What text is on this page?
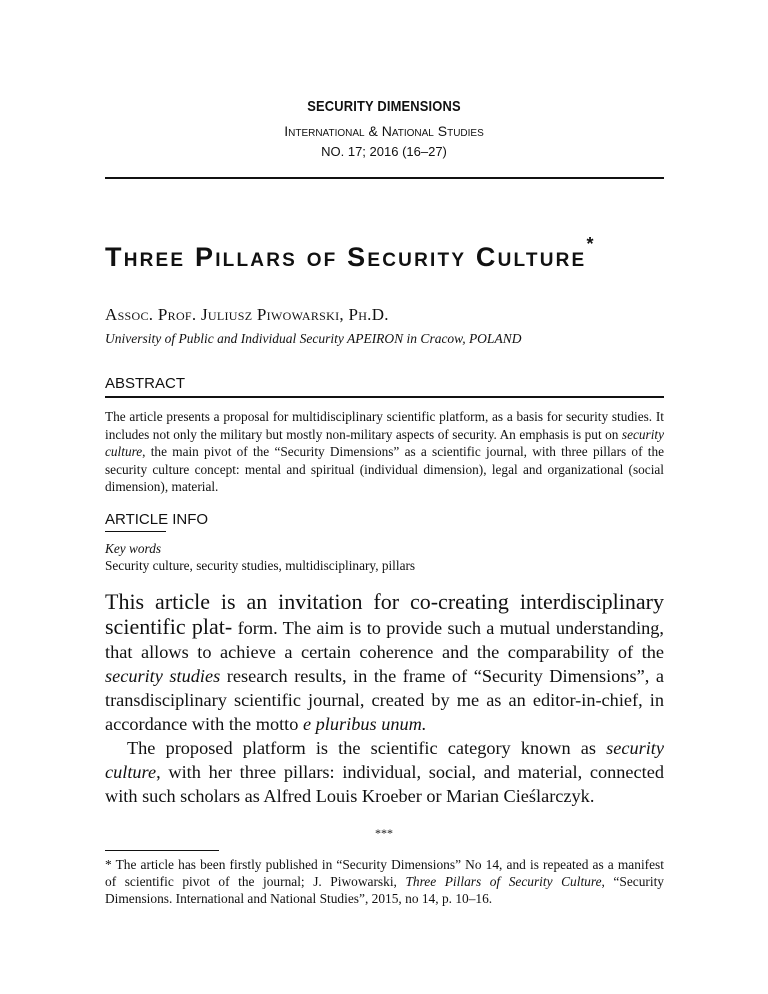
SECURITY DIMENSIONS
International & National Studies
NO. 17; 2016 (16–27)
Three Pillars of Security Culture*
Assoc. Prof. Juliusz Piwowarski, Ph.D.
University of Public and Individual Security APEIRON in Cracow, POLAND
ABSTRACT
The article presents a proposal for multidisciplinary scientific platform, as a basis for security studies. It includes not only the military but mostly non-military aspects of security. An emphasis is put on security culture, the main pivot of the “Security Dimensions” as a scientific journal, with three pillars of the security culture concept: mental and spiritual (individual dimension), legal and organizational (social dimension), material.
ARTICLE INFO
Key words
Security culture, security studies, multidisciplinary, pillars

This article is an invitation for co-creating interdisciplinary scientific plat- form. The aim is to provide such a mutual understanding, that allows to achieve a certain coherence and the comparability of the security studies research results, in the frame of “Security Dimensions”, a transdisciplinary scientific journal, created by me as an editor-in-chief, in accordance with the motto e pluribus unum.

The proposed platform is the scientific category known as security culture, with her three pillars: individual, social, and material, connected with such scholars as Alfred Louis Kroeber or Marian Cieślarczyk.

***
* The article has been firstly published in “Security Dimensions” No 14, and is repeated as a manifest of scientific pivot of the journal; J. Piwowarski, Three Pillars of Security Culture, “Security Dimensions. International and National Studies”, 2015, no 14, p. 10–16.
